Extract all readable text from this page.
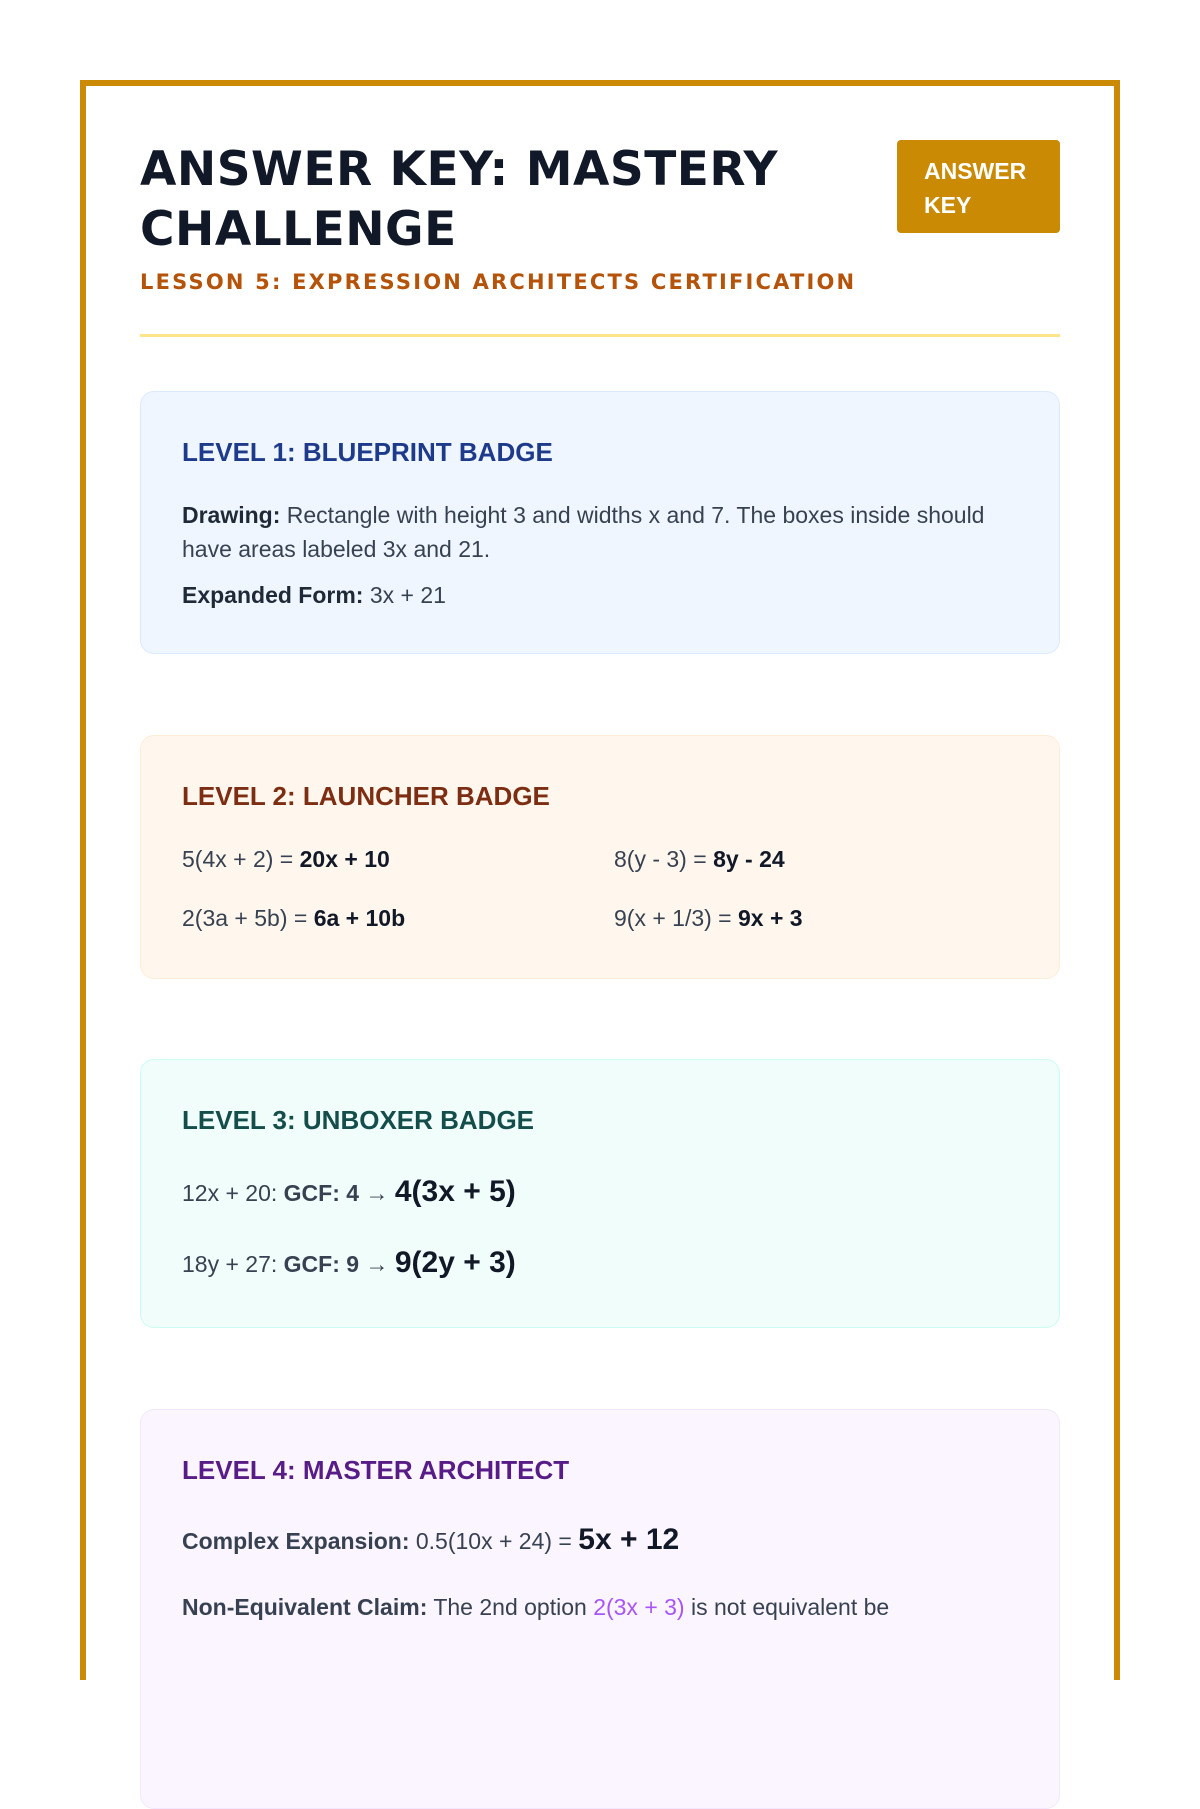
ANSWER KEY: MASTERY CHALLENGE
LESSON 5: EXPRESSION ARCHITECTS CERTIFICATION
ANSWER KEY
LEVEL 1: BLUEPRINT BADGE

Drawing: Rectangle with height 3 and widths x and 7. The boxes inside should have areas labeled 3x and 21.

Expanded Form: 3x + 21

LEVEL 2: LAUNCHER BADGE
5(4x + 2) = 20x + 10	8(y - 3) = 8y - 24
2(3a + 5b) = 6a + 10b	9(x + 1/3) = 9x + 3
LEVEL 3: UNBOXER BADGE
12x + 20: GCF: 4 → 4(3x + 5)
18y + 27: GCF: 9 → 9(2y + 3)
LEVEL 4: MASTER ARCHITECT
Complex Expansion: 0.5(10x + 24) = 5x + 12
Non-Equivalent Claim: The 2nd option 2(3x + 3) is not equivalent be
